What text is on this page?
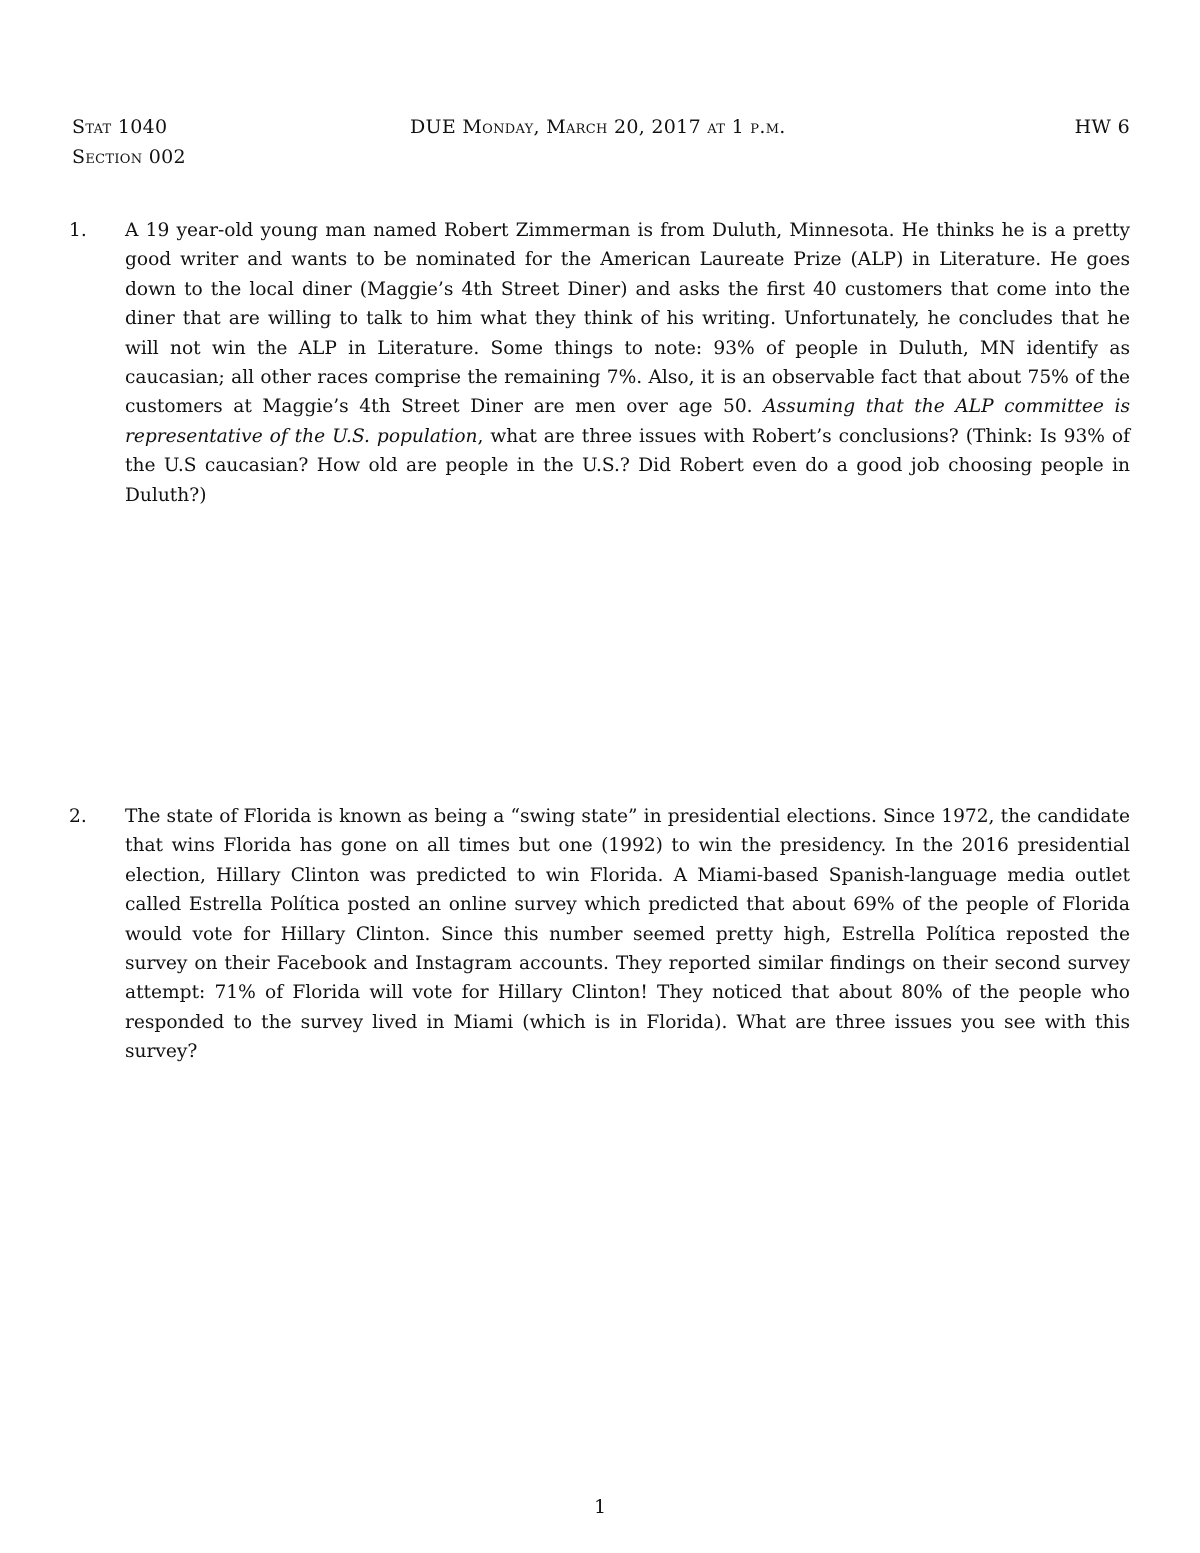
Stat 1040
Section 002
DUE Monday, March 20, 2017 at 1 p.m.	HW 6
1. A 19 year-old young man named Robert Zimmerman is from Duluth, Minnesota. He thinks he is a pretty good writer and wants to be nominated for the American Laureate Prize (ALP) in Literature. He goes down to the local diner (Maggie’s 4th Street Diner) and asks the first 40 customers that come into the diner that are willing to talk to him what they think of his writing. Unfortunately, he concludes that he will not win the ALP in Literature. Some things to note: 93% of people in Duluth, MN identify as caucasian; all other races comprise the remaining 7%. Also, it is an observable fact that about 75% of the customers at Maggie’s 4th Street Diner are men over age 50. Assuming that the ALP committee is representative of the U.S. population, what are three issues with Robert’s conclusions? (Think: Is 93% of the U.S caucasian? How old are people in the U.S.? Did Robert even do a good job choosing people in Duluth?)
2. The state of Florida is known as being a “swing state” in presidential elections. Since 1972, the candidate that wins Florida has gone on all times but one (1992) to win the presidency. In the 2016 presidential election, Hillary Clinton was predicted to win Florida. A Miami-based Spanish-language media outlet called Estrella Política posted an online survey which predicted that about 69% of the people of Florida would vote for Hillary Clinton. Since this number seemed pretty high, Estrella Política reposted the survey on their Facebook and Instagram accounts. They reported similar findings on their second survey attempt: 71% of Florida will vote for Hillary Clinton! They noticed that about 80% of the people who responded to the survey lived in Miami (which is in Florida). What are three issues you see with this survey?
1
